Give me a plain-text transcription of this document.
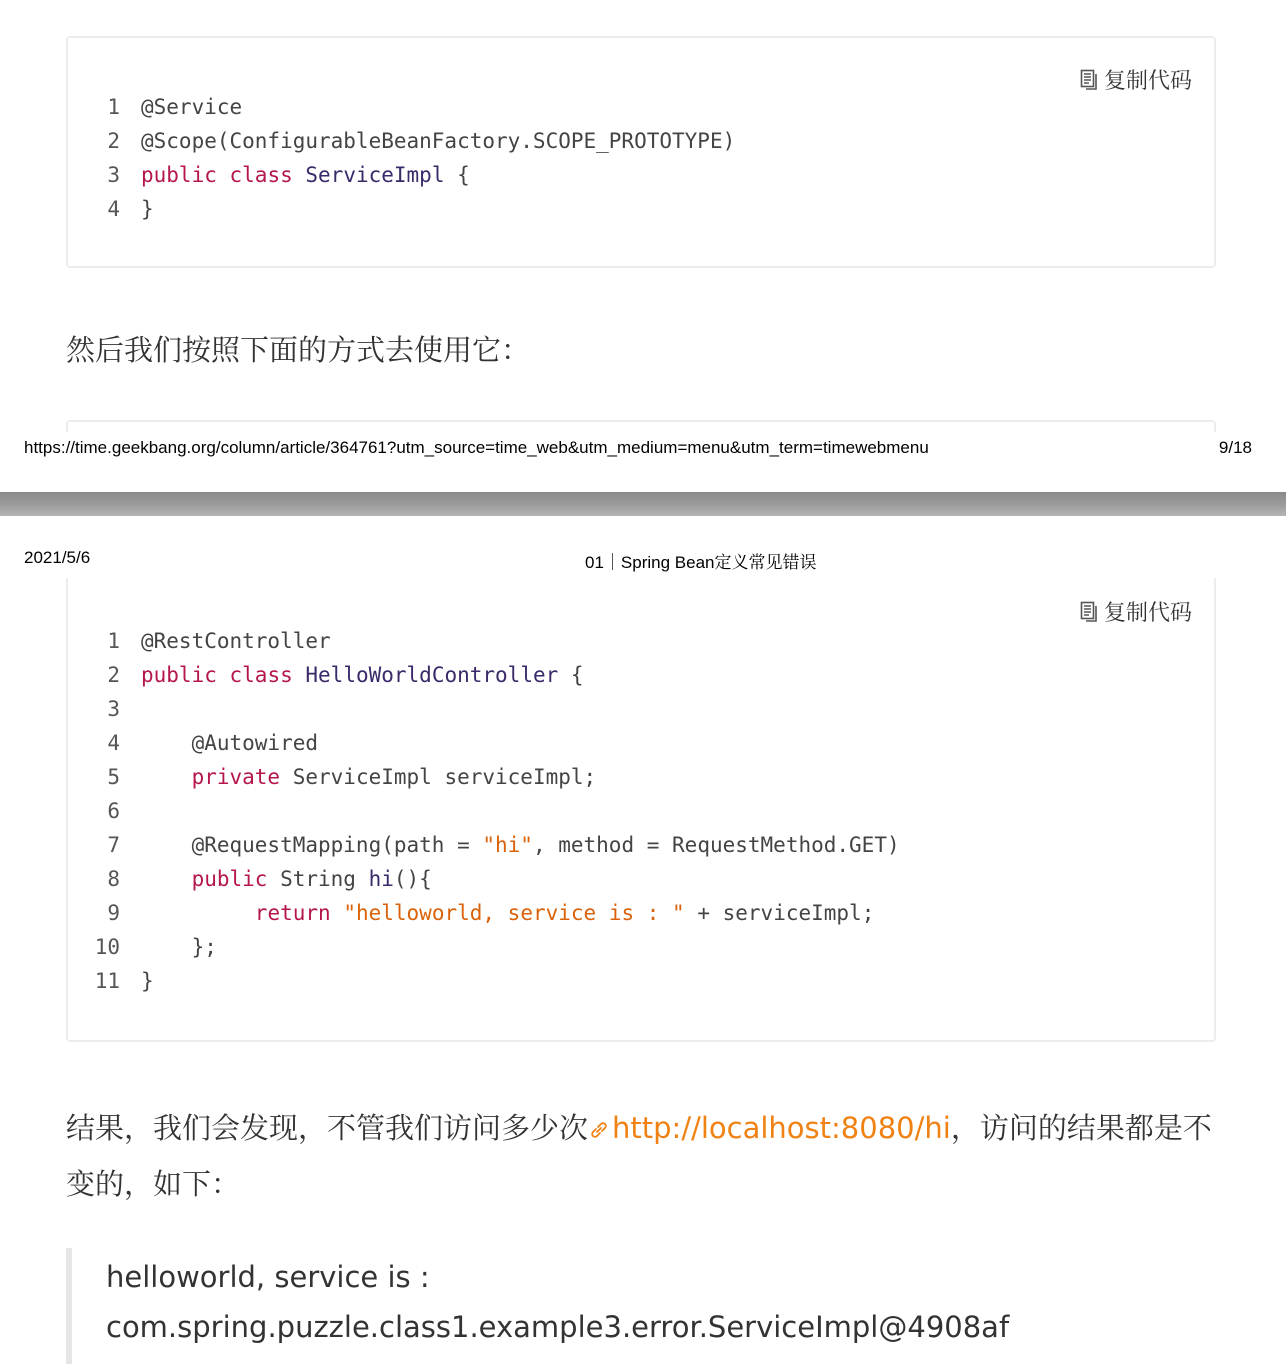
复制代码
1 @Service
2 @Scope(ConfigurableBeanFactory.SCOPE_PROTOTYPE)
3 public class ServiceImpl {
4 }
然后我们按照下面的方式去使用它：
https://time.geekbang.org/column/article/364761?utm_source=time_web&utm_medium=menu&utm_term=timewebmenu	9/18
2021/5/6	01｜Spring Bean定义常见错误
复制代码
1 @RestController
2 public class HelloWorldController {
3
4    @Autowired
5	private ServiceImpl serviceImpl;
6
7    @RequestMapping(path = "hi", method = RequestMethod.GET)
8	public String hi(){
9	return "helloworld, service is : " + serviceImpl;
10    };
11 }
结果，我们会发现，不管我们访问多少次 http://localhost:8080/hi，访问的结果都是不
变的，如下：
helloworld, service is :
com.spring.puzzle.class1.example3.error.ServiceImpl@4908af
